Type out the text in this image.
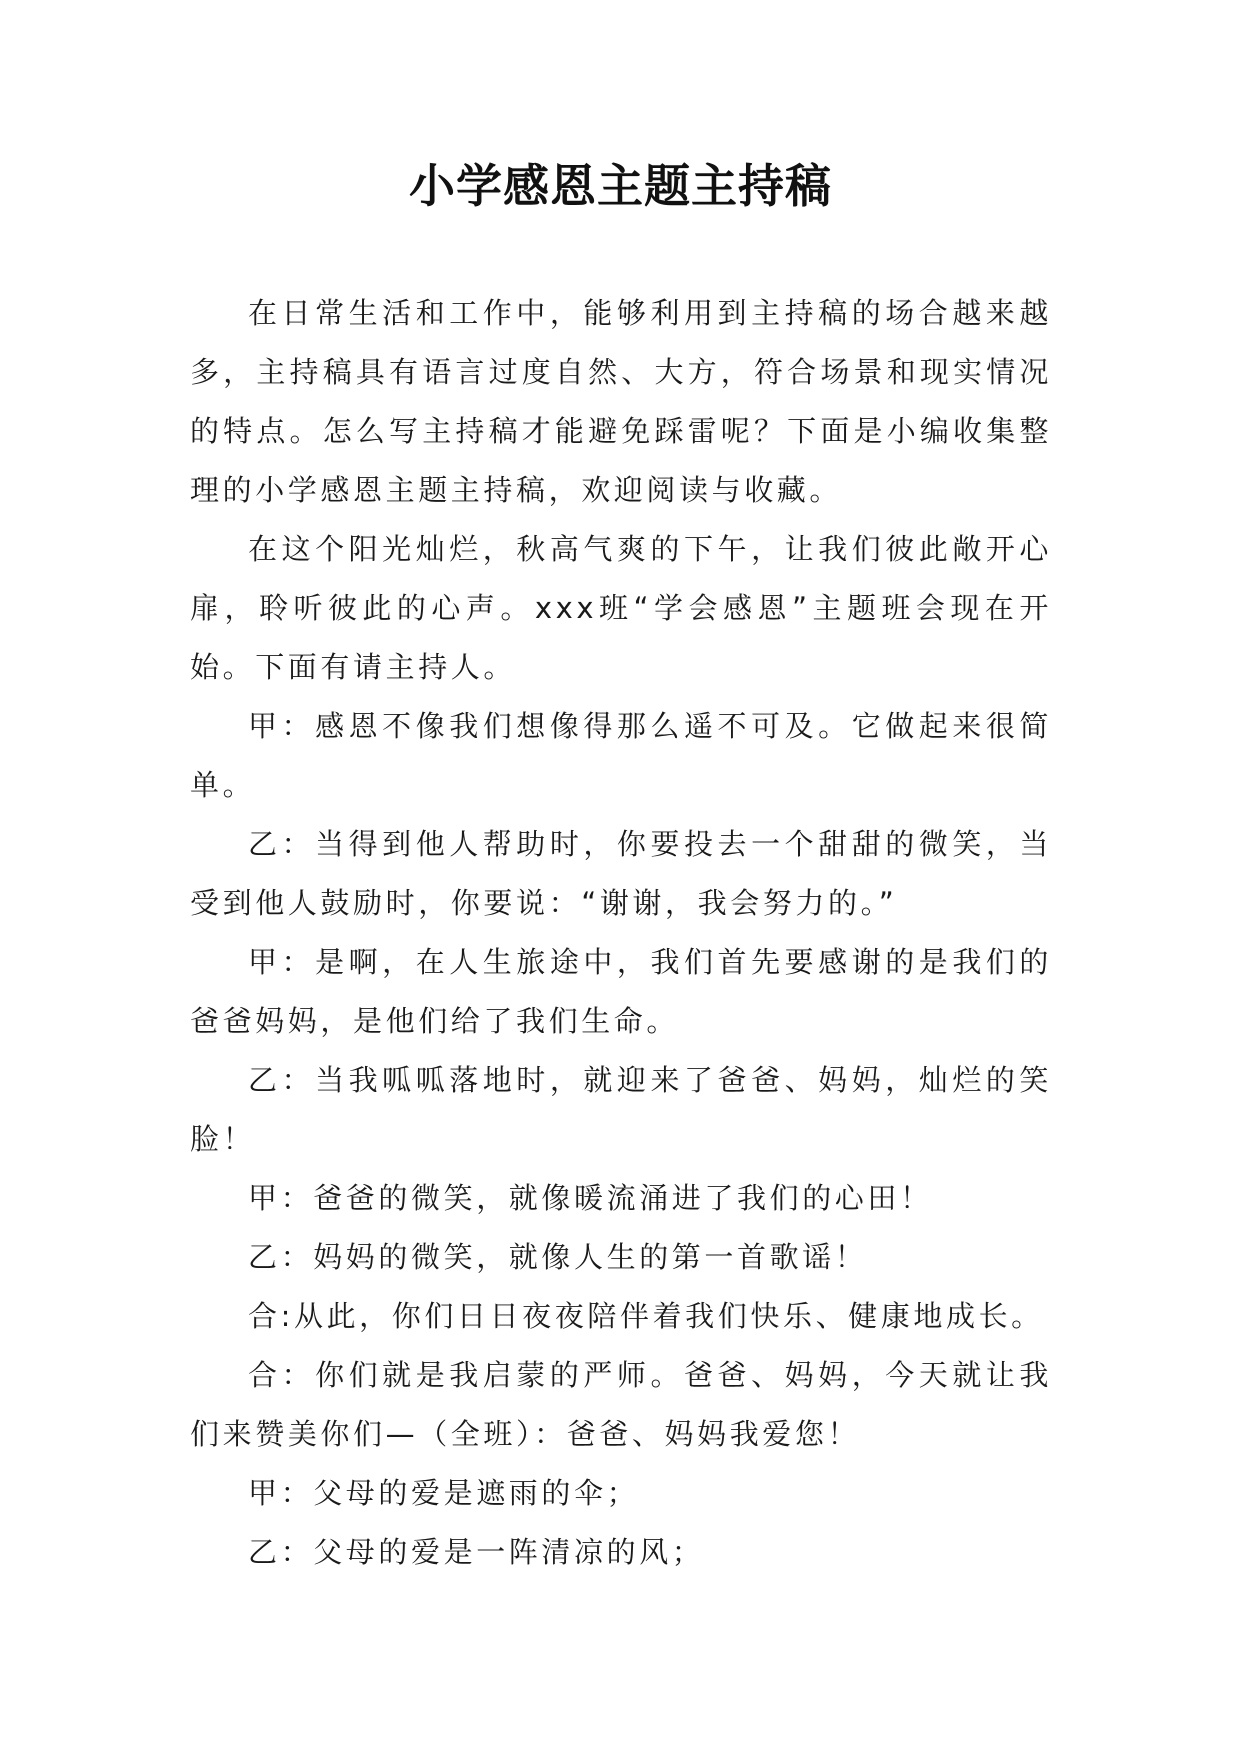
小学感恩主题主持稿

在日常生活和工作中，能够利用到主持稿的场合越来越多，主持稿具有语言过度自然、大方，符合场景和现实情况的特点。怎么写主持稿才能避免踩雷呢？下面是小编收集整理的小学感恩主题主持稿，欢迎阅读与收藏。

在这个阳光灿烂，秋高气爽的下午，让我们彼此敞开心扉，聆听彼此的心声。xxx班“学会感恩”主题班会现在开始。下面有请主持人。

甲：感恩不像我们想像得那么遥不可及。它做起来很简单。

乙：当得到他人帮助时，你要投去一个甜甜的微笑，当受到他人鼓励时，你要说：“谢谢，我会努力的。”

甲：是啊，在人生旅途中，我们首先要感谢的是我们的爸爸妈妈，是他们给了我们生命。

乙：当我呱呱落地时，就迎来了爸爸、妈妈，灿烂的笑脸！

甲：爸爸的微笑，就像暖流涌进了我们的心田！

乙：妈妈的微笑，就像人生的第一首歌谣！

合:从此，你们日日夜夜陪伴着我们快乐、健康地成长。

合：你们就是我启蒙的严师。爸爸、妈妈，今天就让我们来赞美你们—（全班）：爸爸、妈妈我爱您！

甲：父母的爱是遮雨的伞；

乙：父母的爱是一阵清凉的风；
